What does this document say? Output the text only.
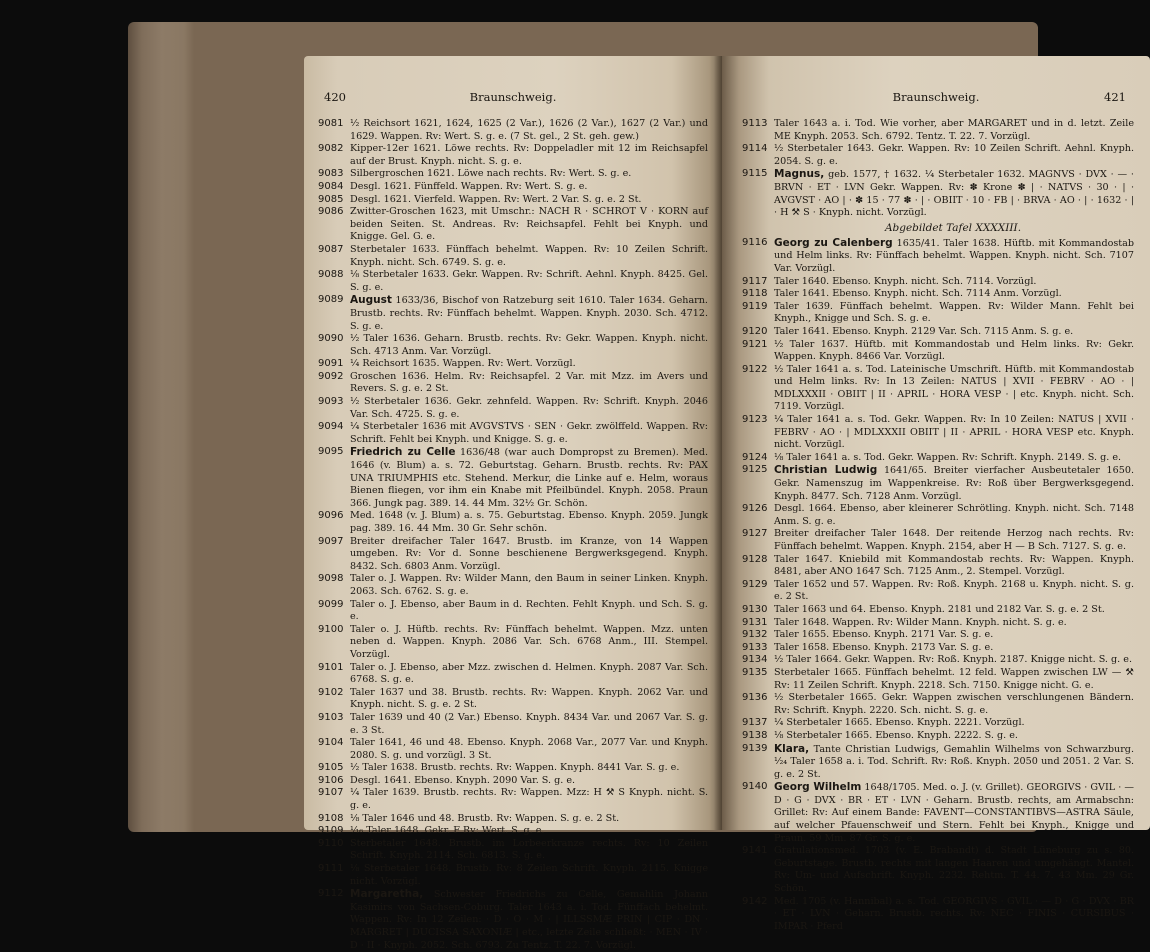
420	Braunschweig.
9081 ⅟₂ Reichsort 1621, 1624, 1625 (2 Var.), 1626 (2 Var.), 1627 (2 Var.) und 1629. Wappen. Rv: Wert. S. g. e. (7 St. gel., 2 St. geh. gew.)
9082 Kipper-12er 1621. Löwe rechts. Rv: Doppeladler mit 12 im Reichsapfel auf der Brust. Knyph. nicht. S. g. e.
9083 Silbergroschen 1621. Löwe nach rechts. Rv: Wert. S. g. e.
9084 Desgl. 1621. Fünffeld. Wappen. Rv: Wert. S. g. e.
9085 Desgl. 1621. Vierfeld. Wappen. Rv: Wert. 2 Var. S. g. e. 2 St.
9086 Zwitter-Groschen 1623, mit Umschr.: NACH R · SCHROT V · KORN auf beiden Seiten. St. Andreas. Rv: Reichsapfel. Fehlt bei Knyph. und Knigge. Gel. G. e.
9087 Sterbetaler 1633. Fünffach behelmt. Wappen. Rv: 10 Zeilen Schrift. Knyph. nicht. Sch. 6749. S. g. e.
9088 ⅛ Sterbetaler 1633. Gekr. Wappen. Rv: Schrift. Aehnl. Knyph. 8425. Gel. S. g. e.
9089 August 1633/36, Bischof von Ratzeburg seit 1610. Taler 1634. Geharn. Brustb. rechts. Rv: Fünffach behelmt. Wappen. Knyph. 2030. Sch. 4712. S. g. e.
9090 ⅟₂ Taler 1636. Geharn. Brustb. rechts. Rv: Gekr. Wappen. Knyph. nicht. Sch. 4713 Anm. Var. Vorzügl.
9091 ⅟₄ Reichsort 1635. Wappen. Rv: Wert. Vorzügl.
9092 Groschen 1636. Helm. Rv: Reichsapfel. 2 Var. mit Mzz. im Avers und Revers. S. g. e. 2 St.
9093 ⅟₂ Sterbetaler 1636. Gekr. zehnfeld. Wappen. Rv: Schrift. Knyph. 2046 Var. Sch. 4725. S. g. e.
9094 ⅟₄ Sterbetaler 1636 mit AVGVSTVS · SEN · Gekr. zwölffeld. Wappen. Rv: Schrift. Fehlt bei Knyph. und Knigge. S. g. e.
9095 Friedrich zu Celle 1636/48 (war auch Dompropst zu Bremen). Med. 1646 (v. Blum) a. s. 72. Geburtstag. Geharn. Brustb. rechts. Rv: PAX UNA TRIUMPHIS etc. Stehend. Merkur, die Linke auf e. Helm, woraus Bienen fliegen, vor ihm ein Knabe mit Pfeilbündel. Knyph. 2058. Praun 366. Jungk pag. 389. 14. 44 Mm. 32⅟₂ Gr. Schön.
9096 Med. 1648 (v. J. Blum) a. s. 75. Geburtstag. Ebenso. Knyph. 2059. Jungk pag. 389. 16. 44 Mm. 30 Gr. Sehr schön.
9097 Breiter dreifacher Taler 1647. Brustb. im Kranze, von 14 Wappen umgeben. Rv: Vor d. Sonne beschienene Bergwerksgegend. Knyph. 8432. Sch. 6803 Anm. Vorzügl.
9098 Taler o. J. Wappen. Rv: Wilder Mann, den Baum in seiner Linken. Knyph. 2063. Sch. 6762. S. g. e.
9099 Taler o. J. Ebenso, aber Baum in d. Rechten. Fehlt Knyph. und Sch. S. g. e.
9100 Taler o. J. Hüftb. rechts. Rv: Fünffach behelmt. Wappen. Mzz. unten neben d. Wappen. Knyph. 2086 Var. Sch. 6768 Anm., III. Stempel. Vorzügl.
9101 Taler o. J. Ebenso, aber Mzz. zwischen d. Helmen. Knyph. 2087 Var. Sch. 6768. S. g. e.
9102 Taler 1637 und 38. Brustb. rechts. Rv: Wappen. Knyph. 2062 Var. und Knyph. nicht. S. g. e. 2 St.
9103 Taler 1639 und 40 (2 Var.) Ebenso. Knyph. 8434 Var. und 2067 Var. S. g. e. 3 St.
9104 Taler 1641, 46 und 48. Ebenso. Knyph. 2068 Var., 2077 Var. und Knyph. 2080. S. g. und vorzügl. 3 St.
9105 ⅟₂ Taler 1638. Brustb. rechts. Rv: Wappen. Knyph. 8441 Var. S. g. e.
9106 Desgl. 1641. Ebenso. Knyph. 2090 Var. S. g. e.
9107 ⅟₄ Taler 1639. Brustb. rechts. Rv: Wappen. Mzz: H ⚒ S Knyph. nicht. S. g. e.
9108 ⅟₈ Taler 1646 und 48. Brustb. Rv: Wappen. S. g. e. 2 St.
9109 ⅟₁₆ Taler 1648. Gekr. F Rv: Wert. S. g. e.
9110 Sterbetaler 1648. Brustb. im Lorbeerkranze rechts. Rv: 10 Zeilen Schrift. Knyph. 2114. Sch. 6813. S. g. e.
9111 ⅟₈ Sterbetaler 1648. Brustb. Rv: 8 Zeilen Schrift. Knyph. 2115. Knigge nicht. Vorzügl.
9112 Margaretha, Schwester Friedrichs zu Celle, Gemahlin Johann Kasimirs von Sachsen-Coburg. Taler 1643 a. i. Tod. Fünffach behelmt. Wappen. Rv: In 12 Zeilen: · D · O · M · | ILLSSMÆ PRIN | CIP · DN · MARGRET | DUCISSA SAXONIÆ | etc., letzte Zeile schließt: · MEN · IV · D · II · Knyph. 2052. Sch. 6793. Zu Tentz. T. 22. 7. Vorzügl.
Braunschweig.	421
9113 Taler 1643 a. i. Tod. Wie vorher, aber MARGARET und in d. letzt. Zeile ME Knyph. 2053. Sch. 6792. Tentz. T. 22. 7. Vorzügl.
9114 ⅟₂ Sterbetaler 1643. Gekr. Wappen. Rv: 10 Zeilen Schrift. Aehnl. Knyph. 2054. S. g. e.
9115 Magnus, geb. 1577, † 1632. ⅟₄ Sterbetaler 1632. MAGNVS · DVX · — · BRVN · ET · LVN Gekr. Wappen. Rv: ✽ Krone ✽ | · NATVS · 30 · | · AVGVST · AO | · ✽ 15 · 77 ✽ · | · OBIIT · 10 · FB | · BRVA · AO · | · 1632 · | · H ⚒ S · Knyph. nicht. Vorzügl.
Abgebildet Tafel XXXXIII.
9116 Georg zu Calenberg 1635/41. Taler 1638. Hüftb. mit Kommandostab und Helm links. Rv: Fünffach behelmt. Wappen. Knyph. nicht. Sch. 7107 Var. Vorzügl.
9117 Taler 1640. Ebenso. Knyph. nicht. Sch. 7114. Vorzügl.
9118 Taler 1641. Ebenso. Knyph. nicht. Sch. 7114 Anm. Vorzügl.
9119 Taler 1639. Fünffach behelmt. Wappen. Rv: Wilder Mann. Fehlt bei Knyph., Knigge und Sch. S. g. e.
9120 Taler 1641. Ebenso. Knyph. 2129 Var. Sch. 7115 Anm. S. g. e.
9121 ⅟₂ Taler 1637. Hüftb. mit Kommandostab und Helm links. Rv: Gekr. Wappen. Knyph. 8466 Var. Vorzügl.
9122 ⅟₂ Taler 1641 a. s. Tod. Lateinische Umschrift. Hüftb. mit Kommandostab und Helm links. Rv: In 13 Zeilen: NATUS | XVII · FEBRV · AO · | MDLXXXII · OBIIT | II · APRIL · HORA VESP · | etc. Knyph. nicht. Sch. 7119. Vorzügl.
9123 ⅟₄ Taler 1641 a. s. Tod. Gekr. Wappen. Rv: In 10 Zeilen: NATUS | XVII · FEBRV · AO · | MDLXXXII OBIIT | II · APRIL · HORA VESP etc. Knyph. nicht. Vorzügl.
9124 ⅟₈ Taler 1641 a. s. Tod. Gekr. Wappen. Rv: Schrift. Knyph. 2149. S. g. e.
9125 Christian Ludwig 1641/65. Breiter vierfacher Ausbeutetaler 1650. Gekr. Namenszug im Wappenkreise. Rv: Roß über Bergwerksgegend. Knyph. 8477. Sch. 7128 Anm. Vorzügl.
9126 Desgl. 1664. Ebenso, aber kleinerer Schrötling. Knyph. nicht. Sch. 7148 Anm. S. g. e.
9127 Breiter dreifacher Taler 1648. Der reitende Herzog nach rechts. Rv: Fünffach behelmt. Wappen. Knyph. 2154, aber H — B Sch. 7127. S. g. e.
9128 Taler 1647. Kniebild mit Kommandostab rechts. Rv: Wappen. Knyph. 8481, aber ANO 1647 Sch. 7125 Anm., 2. Stempel. Vorzügl.
9129 Taler 1652 und 57. Wappen. Rv: Roß. Knyph. 2168 u. Knyph. nicht. S. g. e. 2 St.
9130 Taler 1663 und 64. Ebenso. Knyph. 2181 und 2182 Var. S. g. e. 2 St.
9131 Taler 1648. Wappen. Rv: Wilder Mann. Knyph. nicht. S. g. e.
9132 Taler 1655. Ebenso. Knyph. 2171 Var. S. g. e.
9133 Taler 1658. Ebenso. Knyph. 2173 Var. S. g. e.
9134 ⅟₂ Taler 1664. Gekr. Wappen. Rv: Roß. Knyph. 2187. Knigge nicht. S. g. e.
9135 Sterbetaler 1665. Fünffach behelmt. 12 feld. Wappen zwischen LW — ⚒ Rv: 11 Zeilen Schrift. Knyph. 2218. Sch. 7150. Knigge nicht. G. e.
9136 ⅟₂ Sterbetaler 1665. Gekr. Wappen zwischen verschlungenen Bändern. Rv: Schrift. Knyph. 2220. Sch. nicht. S. g. e.
9137 ⅟₄ Sterbetaler 1665. Ebenso. Knyph. 2221. Vorzügl.
9138 ⅟₈ Sterbetaler 1665. Ebenso. Knyph. 2222. S. g. e.
9139 Klara, Tante Christian Ludwigs, Gemahlin Wilhelms von Schwarzburg. ⅟₂₄ Taler 1658 a. i. Tod. Schrift. Rv: Roß. Knyph. 2050 und 2051. 2 Var. S. g. e. 2 St.
9140 Georg Wilhelm 1648/1705. Med. o. J. (v. Grillet). GEORGIVS · GVIL · — D · G · DVX · BR · ET · LVN · Geharn. Brustb. rechts, am Armabschn: Grillet: Rv: Auf einem Bande: FAVENT—CONSTANTIBVS—ASTRA Säule, auf welcher Pfauenschweif und Stern. Fehlt bei Knyph., Knigge und Praun. 59 Mm. 87 Gr. S. g. e.
9141 Gratulationsmed. 1703 (v. E. Brabandt) d. Stadt Lüneburg zu s. 80. Geburtstage. Brustb. rechts mit langen Haaren und umgehängt. Mantel. Rv: Um- und Aufschrift. Knyph. 2232. Rehtm. T. 44. 7. 43 Mm. 29 Gr. Schön.
9142 Med. 1705 (v. Hannibal) a. s. Tod. GEORGIVS · GVIL · — D · G · DVX · BR · ET · LVN · Geharn. Brustb. rechts. Rv: NEC · FINIS · CURSIBUS · IMPAR · Pferd
